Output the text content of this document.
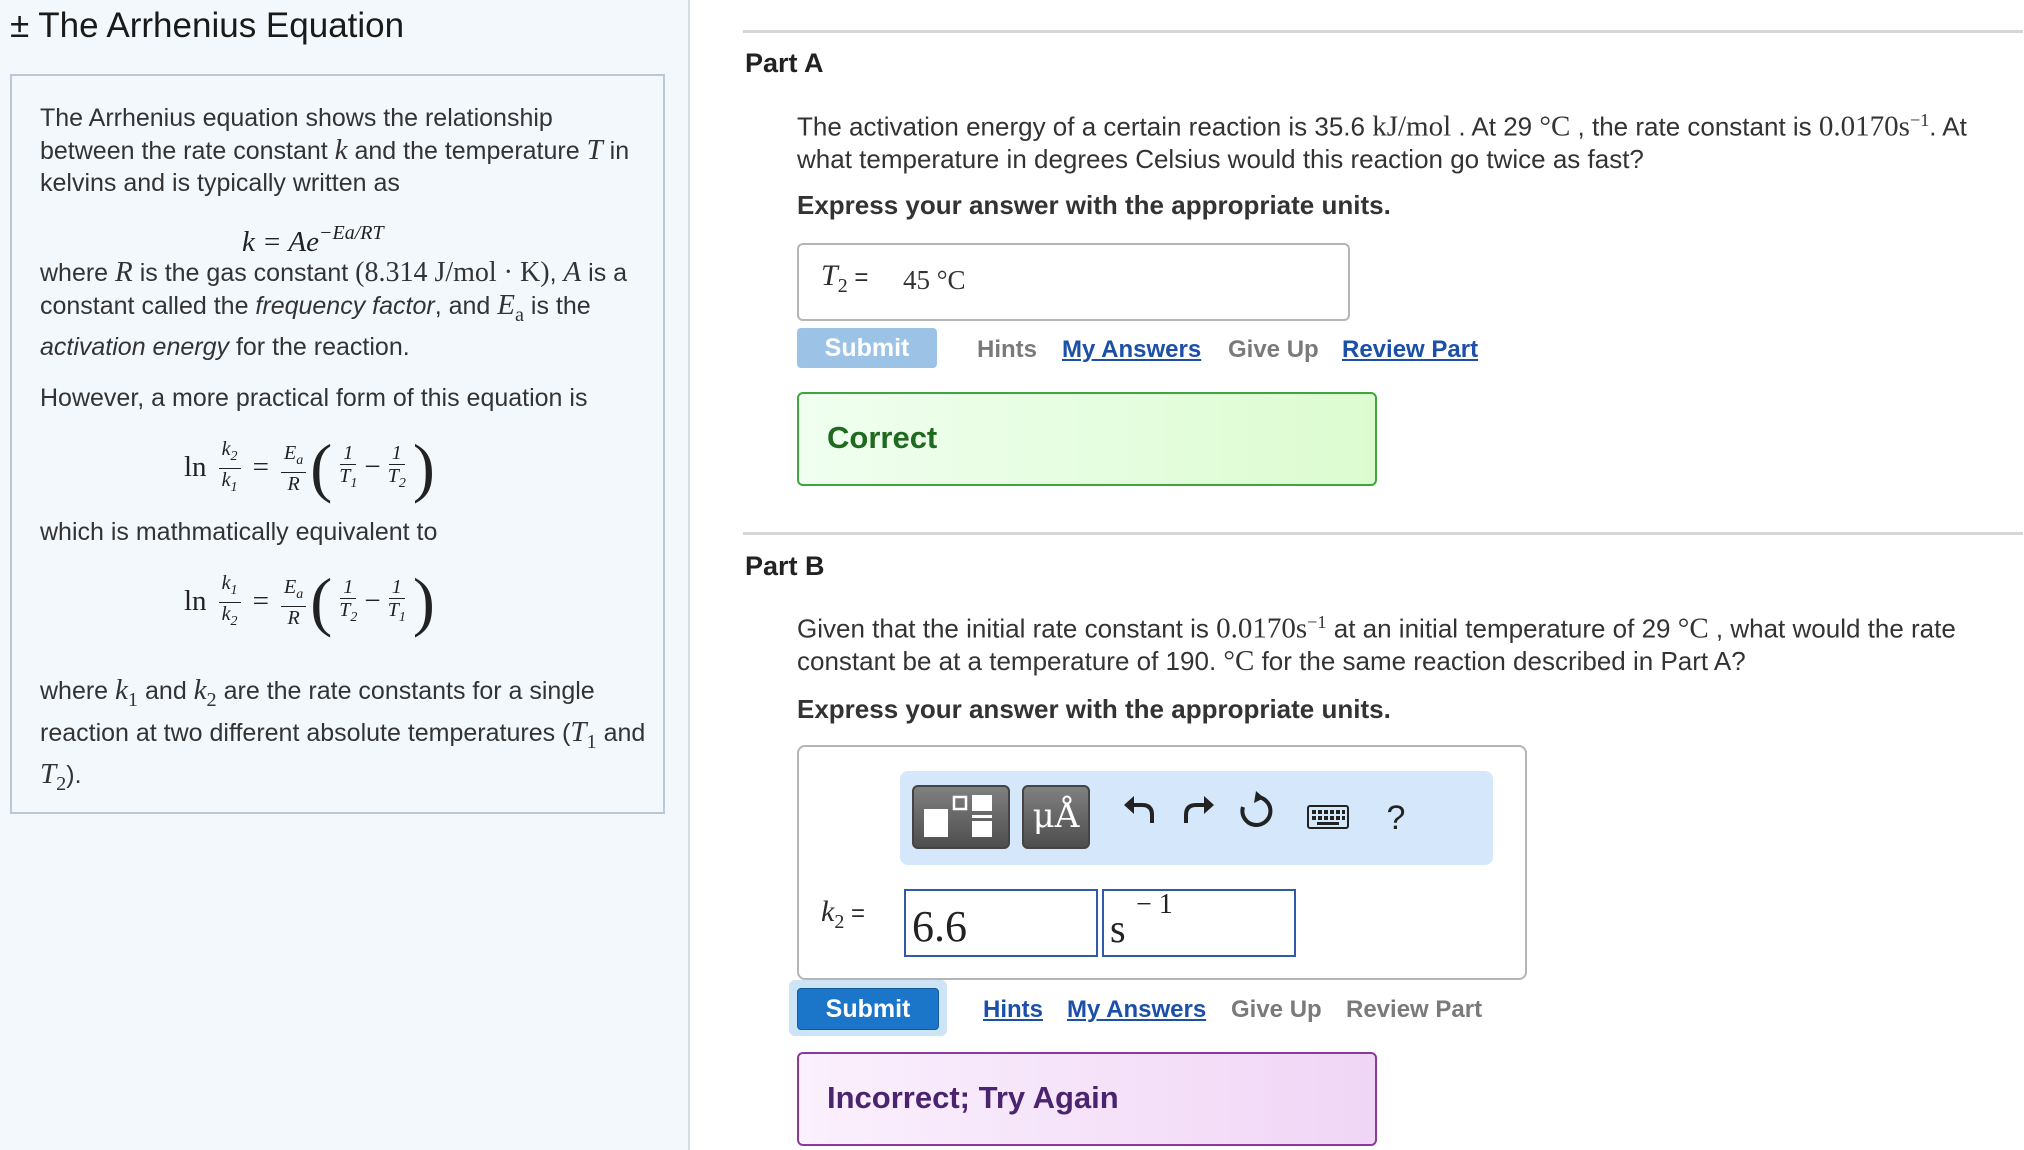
± The Arrhenius Equation
The Arrhenius equation shows the relationship between the rate constant k and the temperature T in kelvins and is typically written as
$k = Ae^{-Ea/RT}$
where R is the gas constant (8.314 J/mol · K), A is a constant called the frequency factor, and $E_a$ is the activation energy for the reaction.
However, a more practical form of this equation is
$\ln \frac{k_2}{k_1} = \frac{E_a}{R}$ ( $\frac{1}{T_1} - \frac{1}{T_2}$ )
which is mathmatically equivalent to
$\ln \frac{k_1}{k_2} = \frac{E_a}{R}$ ( $\frac{1}{T_2} - \frac{1}{T_1}$ )
where $k_1$ and $k_2$ are the rate constants for a single reaction at two different absolute temperatures ($T_1$ and $T_2$).
Part A
The activation energy of a certain reaction is 35.6 kJ/mol . At 29 °C , the rate constant is $0.0170s^{-1}$. At what temperature in degrees Celsius would this reaction go twice as fast?
Express your answer with the appropriate units.
$T_2 = 45$ °C
Submit	Hints My Answers Give Up Review Part
Correct
Part B
Given that the initial rate constant is $0.0170s^{-1}$ at an initial temperature of 29 °C , what would the rate constant be at a temperature of 190. °C for the same reaction described in Part A?
Express your answer with the appropriate units.
μÅ	?
$k_2 = 6.6$	s
− 1
Submit	Hints My Answers Give Up Review Part
Incorrect; Try Again
